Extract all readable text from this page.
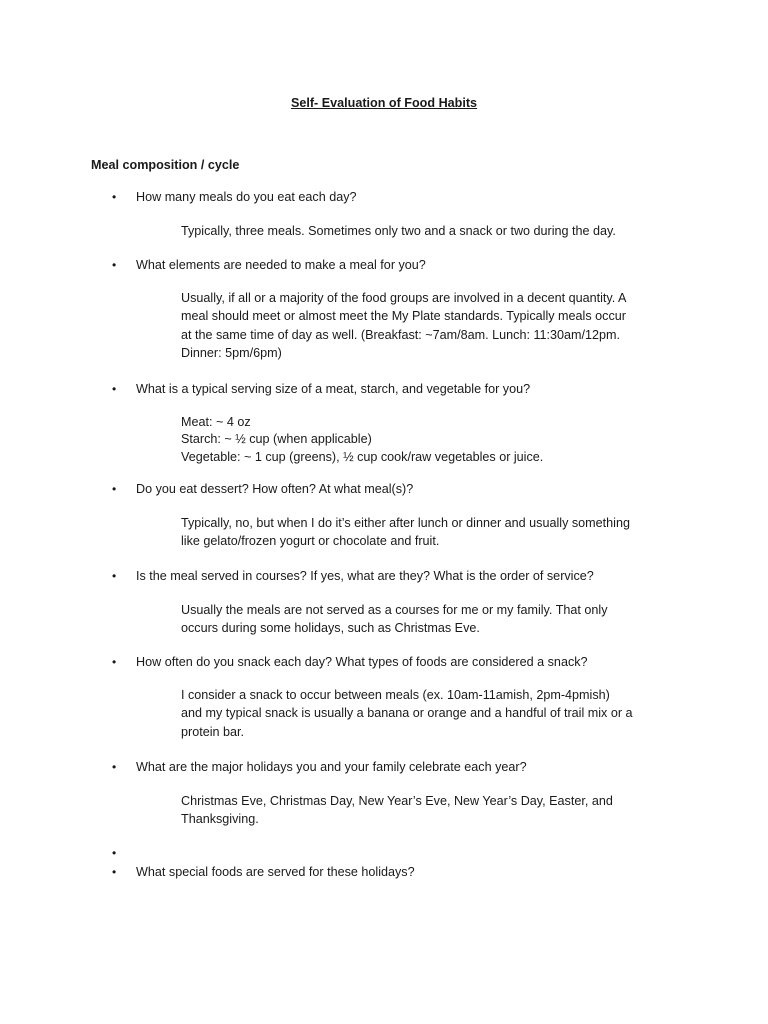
Self- Evaluation of Food Habits
Meal composition / cycle
• How many meals do you eat each day?
Typically, three meals. Sometimes only two and a snack or two during the day.
• What elements are needed to make a meal for you?
Usually, if all or a majority of the food groups are involved in a decent quantity. A
meal should meet or almost meet the My Plate standards. Typically meals occur
at the same time of day as well. (Breakfast: ~7am/8am. Lunch: 11:30am/12pm.
Dinner: 5pm/6pm)
• What is a typical serving size of a meat, starch, and vegetable for you?
Meat: ~ 4 oz
Starch: ~ ½ cup (when applicable)
Vegetable: ~ 1 cup (greens), ½ cup cook/raw vegetables or juice.
• Do you eat dessert? How often? At what meal(s)?
Typically, no, but when I do it’s either after lunch or dinner and usually something
like gelato/frozen yogurt or chocolate and fruit.
• Is the meal served in courses? If yes, what are they? What is the order of service?
Usually the meals are not served as a courses for me or my family. That only
occurs during some holidays, such as Christmas Eve.
• How often do you snack each day? What types of foods are considered a snack?
I consider a snack to occur between meals (ex. 10am-11amish, 2pm-4pmish)
and my typical snack is usually a banana or orange and a handful of trail mix or a
protein bar.
• What are the major holidays you and your family celebrate each year?
Christmas Eve, Christmas Day, New Year’s Eve, New Year’s Day, Easter, and
Thanksgiving.
•
• What special foods are served for these holidays?
